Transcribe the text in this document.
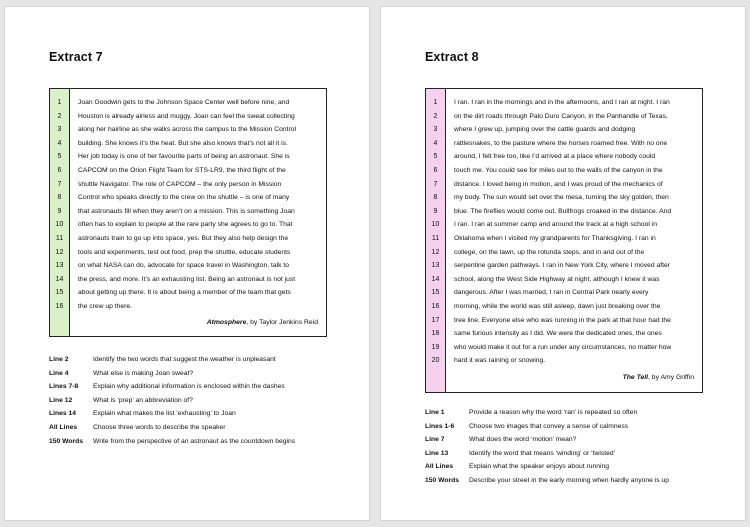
Extract 7
1
2
3
4
5
6
7
8
9
10
11
12
13
14
15
16
Joan Goodwin gets to the Johnson Space Center well before nine, and
Houston is already airless and muggy. Joan can feel the sweat collecting
along her hairline as she walks across the campus to the Mission Control
building. She knows it’s the heat. But she also knows that’s not all it is.
Her job today is one of her favourite parts of being an astronaut. She is
CAPCOM on the Orion Flight Team for STS-LR9, the third flight of the
shuttle Navigator. The role of CAPCOM – the only person in Mission
Control who speaks directly to the crew on the shuttle – is one of many
that astronauts fill when they aren’t on a mission. This is something Joan
often has to explain to people at the rare party she agrees to go to. That
astronauts train to go up into space, yes. But they also help design the
tools and experiments, test out food, prep the shuttle, educate students
on what NASA can do, advocate for space travel in Washington, talk to
the press, and more. It’s an exhausting list. Being an astronaut is not just
about getting up there. It is about being a member of the team that gets
the crew up there.
Atmosphere, by Taylor Jenkins Reid
Line 2	Identify the two words that suggest the weather is unpleasant
Line 4	What else is making Joan sweat?
Lines 7-8	Explain why additional information is enclosed within the dashes
Line 12	What is ‘prep’ an abbreviation of?
Lines 14	Explain what makes the list ‘exhausting’ to Joan
All Lines	Choose three words to describe the speaker
150 Words	Write from the perspective of an astronaut as the countdown begins
Extract 8
1
2
3
4
5
6
7
8
9
10
11
12
13
14
15
16
17
18
19
20
I ran. I ran in the mornings and in the afternoons, and I ran at night. I ran
on the dirt roads through Palo Duro Canyon, in the Panhandle of Texas,
where I grew up, jumping over the cattle guards and dodging
rattlesnakes, to the pasture where the horses roamed free. With no one
around, I felt free too, like I’d arrived at a place where nobody could
touch me. You could see for miles out to the walls of the canyon in the
distance. I loved being in motion, and I was proud of the mechanics of
my body. The sun would set over the mesa, turning the sky golden, then
blue. The fireflies would come out. Bullfrogs croaked in the distance. And
I ran. I ran at summer camp and around the track at a high school in
Oklahoma when I visited my grandparents for Thanksgiving. I ran in
college, on the lawn, up the rotunda steps, and in and out of the
serpentine garden pathways. I ran in New York City, where I moved after
school, along the West Side Highway at night, although I knew it was
dangerous. After I was married, I ran in Central Park nearly every
morning, while the world was still asleep, dawn just breaking over the
tree line. Everyone else who was running in the park at that hour had the
same furious intensity as I did. We were the dedicated ones, the ones
who would make it out for a run under any circumstances, no matter how
hard it was raining or snowing.
The Tell, by Amy Griffin
Line 1	Provide a reason why the word ‘ran’ is repeated so often
Lines 1-6	Choose two images that convey a sense of calmness
Line 7	What does the word ‘motion’ mean?
Line 13	Identify the word that means ‘winding’ or ‘twisted’
All Lines	Explain what the speaker enjoys about running
150 Words	Describe your street in the early morning when hardly anyone is up
